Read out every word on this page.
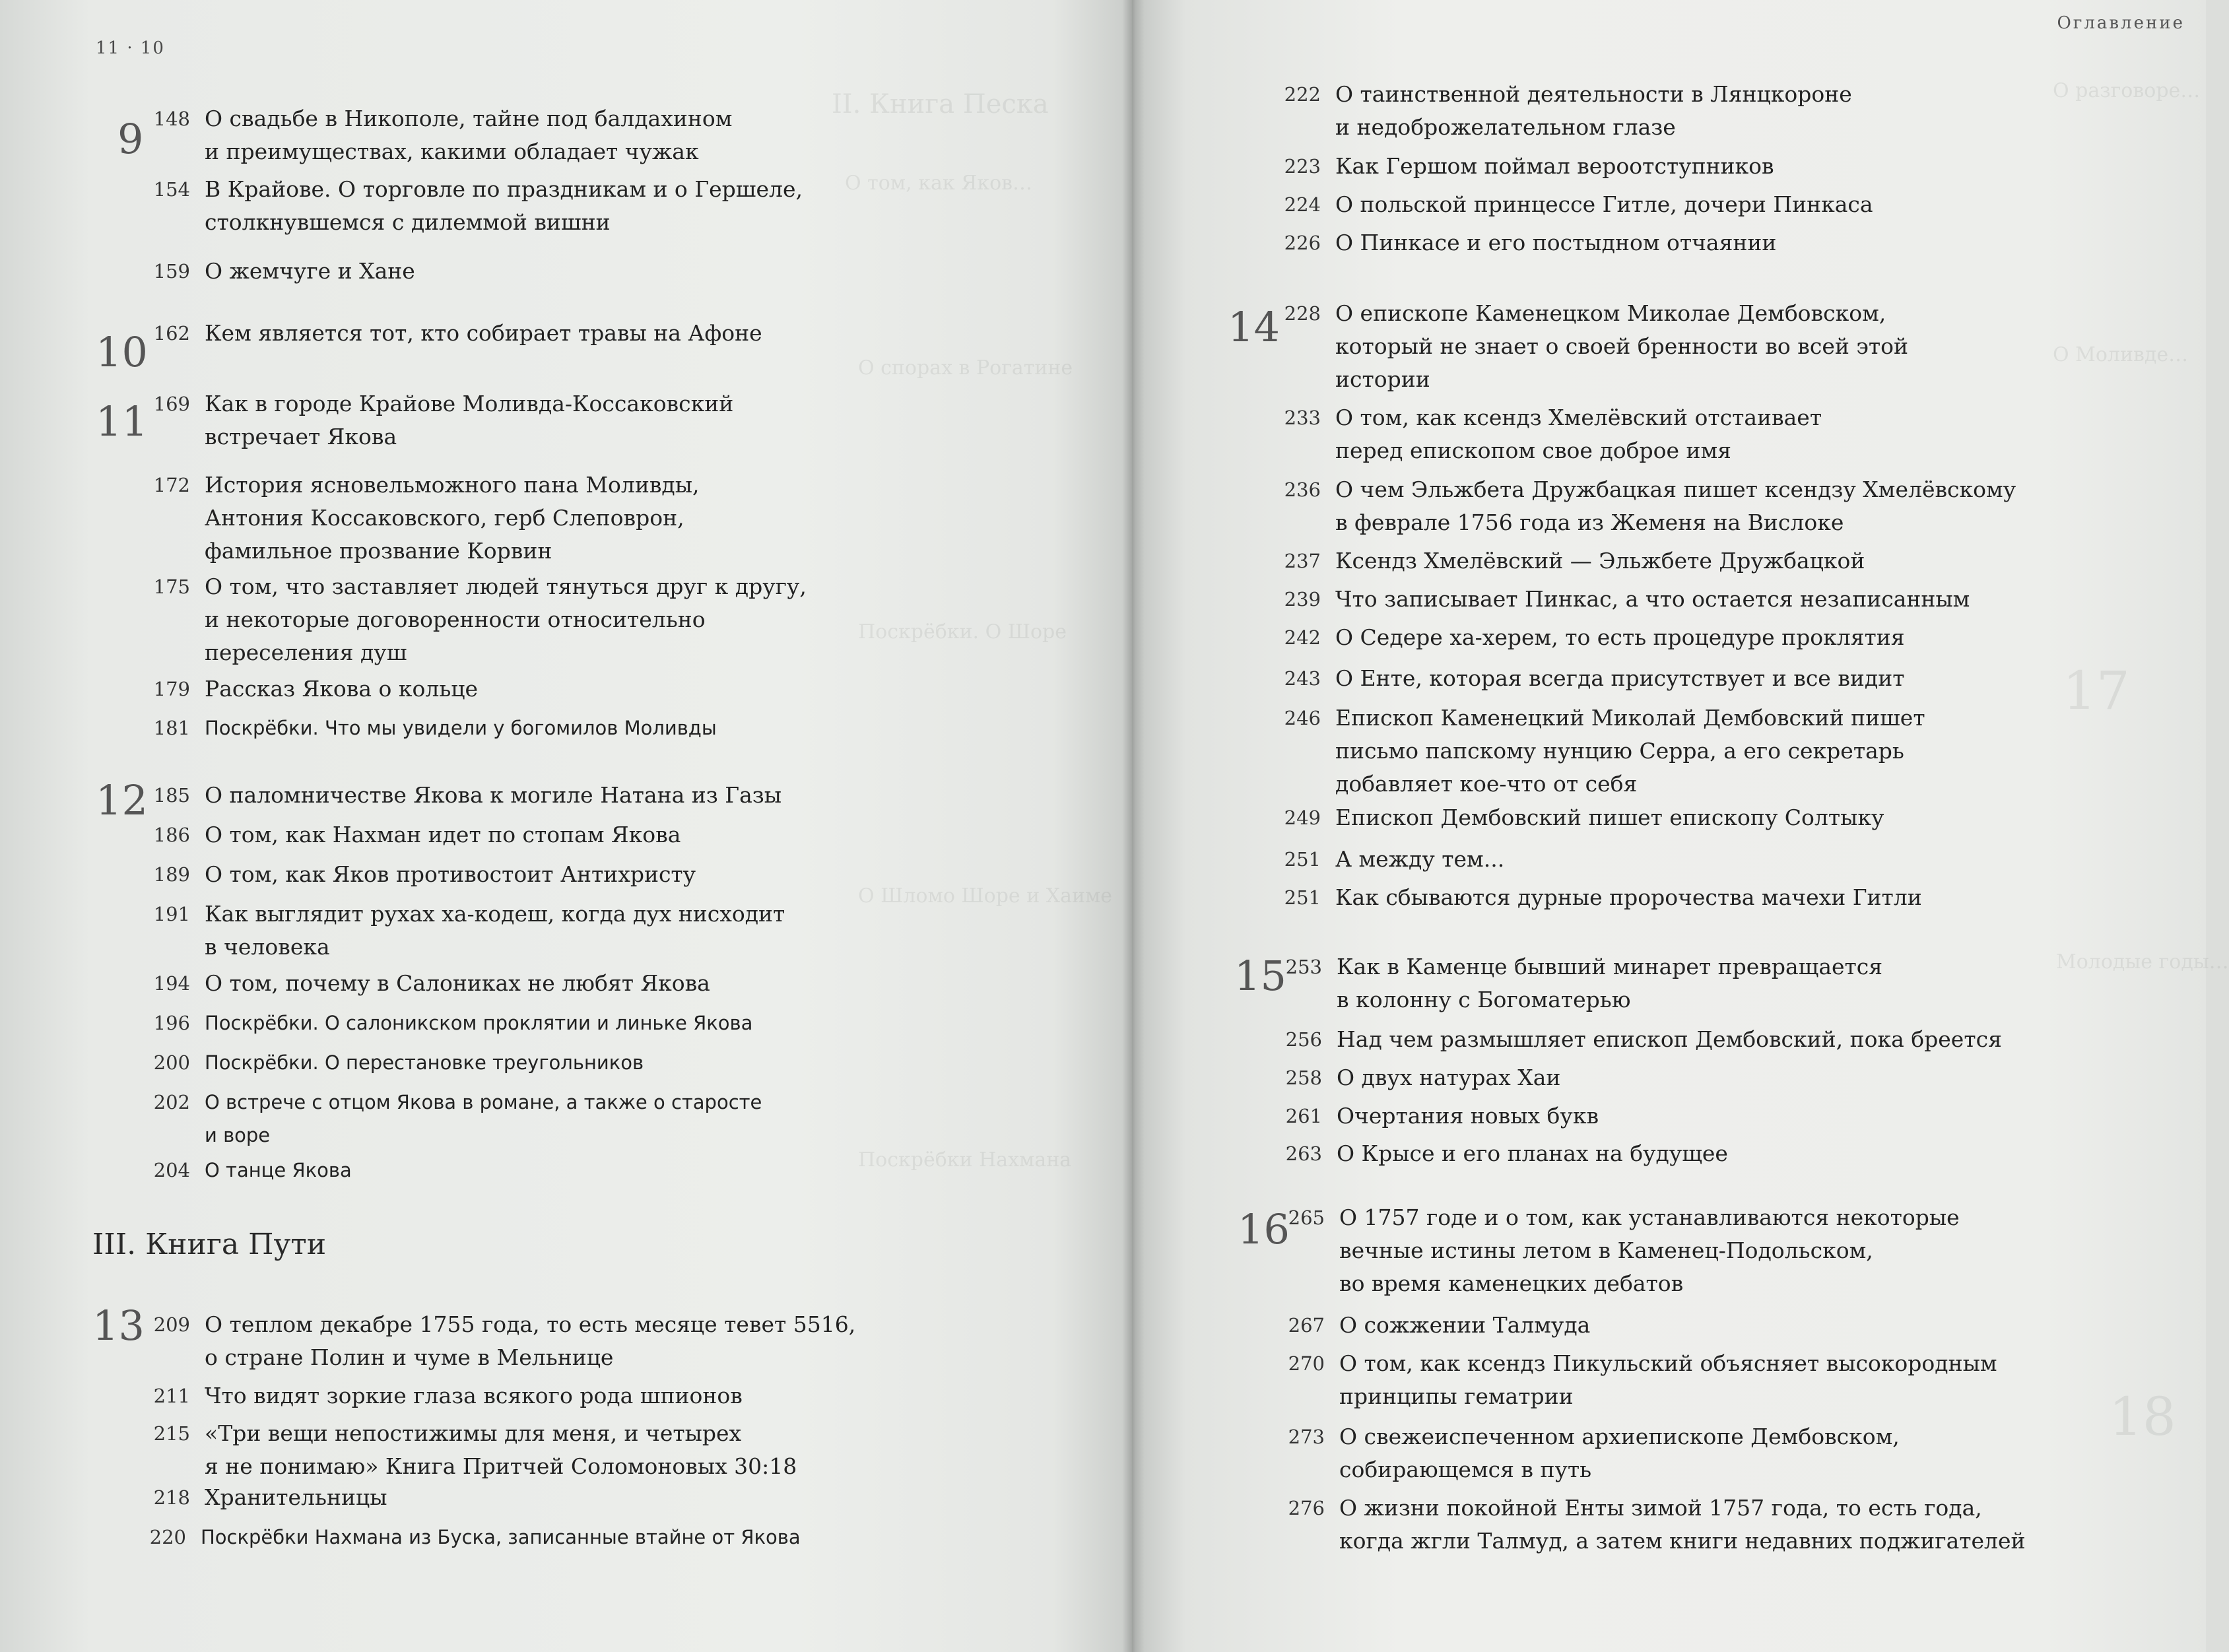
11 · 10
II. Книга Песка
О том, как Яков…
О спорах в Рогатине
Поскрёбки. О Шоре
О Шломо Шоре и Хаиме
Поскрёбки Нахмана
9 148 О свадьбе в Никополе, тайне под балдахином
и преимуществах, какими обладает чужак
154 В Крайове. О торговле по праздникам и о Гершеле,
столкнувшемся с дилеммой вишни
159 О жемчуге и Хане
10 162 Кем является тот, кто собирает травы на Афоне
11 169 Как в городе Крайове Моливда-Коссаковский
встречает Якова
172 История ясновельможного пана Моливды,
Антония Коссаковского, герб Слеповрон,
фамильное прозвание Корвин
175 О том, что заставляет людей тянуться друг к другу,
и некоторые договоренности относительно
переселения душ
179 Рассказ Якова о кольце
181 Поскрёбки. Что мы увидели у богомилов Моливды
12 185 О паломничестве Якова к могиле Натана из Газы
186 О том, как Нахман идет по стопам Якова
189 О том, как Яков противостоит Антихристу
191 Как выглядит рухах ха-кодеш, когда дух нисходит
в человека
194 О том, почему в Салониках не любят Якова
196 Поскрёбки. О салоникском проклятии и линьке Якова
200 Поскрёбки. О перестановке треугольников
202 О встрече с отцом Якова в романе, а также о старосте
и воре
204 О танце Якова
III. Книга Пути
13 209 О теплом декабре 1755 года, то есть месяце тевет 5516,
о стране Полин и чуме в Мельнице
211 Что видят зоркие глаза всякого рода шпионов
215 «Три вещи непостижимы для меня, и четырех
я не понимаю» Книга Притчей Соломоновых 30:18
218 Хранительницы
220 Поскрёбки Нахмана из Буска, записанные втайне от Якова
Оглавление
О разговоре…
О Моливде…
17
18
Молодые годы…
222 О таинственной деятельности в Лянцкороне
и недоброжелательном глазе
223 Как Гершом поймал вероотступников
224 О польской принцессе Гитле, дочери Пинкаса
226 О Пинкасе и его постыдном отчаянии
14 228 О епископе Каменецком Миколае Дембовском,
который не знает о своей бренности во всей этой
истории
233 О том, как ксендз Хмелёвский отстаивает
перед епископом свое доброе имя
236 О чем Эльжбета Дружбацкая пишет ксендзу Хмелёвскому
в феврале 1756 года из Жеменя на Вислоке
237 Ксендз Хмелёвский — Эльжбете Дружбацкой
239 Что записывает Пинкас, а что остается незаписанным
242 О Седере ха-херем, то есть процедуре проклятия
243 О Енте, которая всегда присутствует и все видит
246 Епископ Каменецкий Миколай Дембовский пишет
письмо папскому нунцию Серра, а его секретарь
добавляет кое-что от себя
249 Епископ Дембовский пишет епископу Солтыку
251 А между тем...
251 Как сбываются дурные пророчества мачехи Гитли
15
253 Как в Каменце бывший минарет превращается
в колонну с Богоматерью
256 Над чем размышляет епископ Дембовский, пока бреется
258 О двух натурах Хаи
261 Очертания новых букв
263 О Крысе и его планах на будущее
16
265 О 1757 годе и о том, как устанавливаются некоторые
вечные истины летом в Каменец-Подольском,
во время каменецких дебатов
267 О сожжении Талмуда
270 О том, как ксендз Пикульский объясняет высокородным
принципы гематрии
273 О свежеиспеченном архиепископе Дембовском,
собирающемся в путь
276 О жизни покойной Енты зимой 1757 года, то есть года,
когда жгли Талмуд, а затем книги недавних поджигателей
